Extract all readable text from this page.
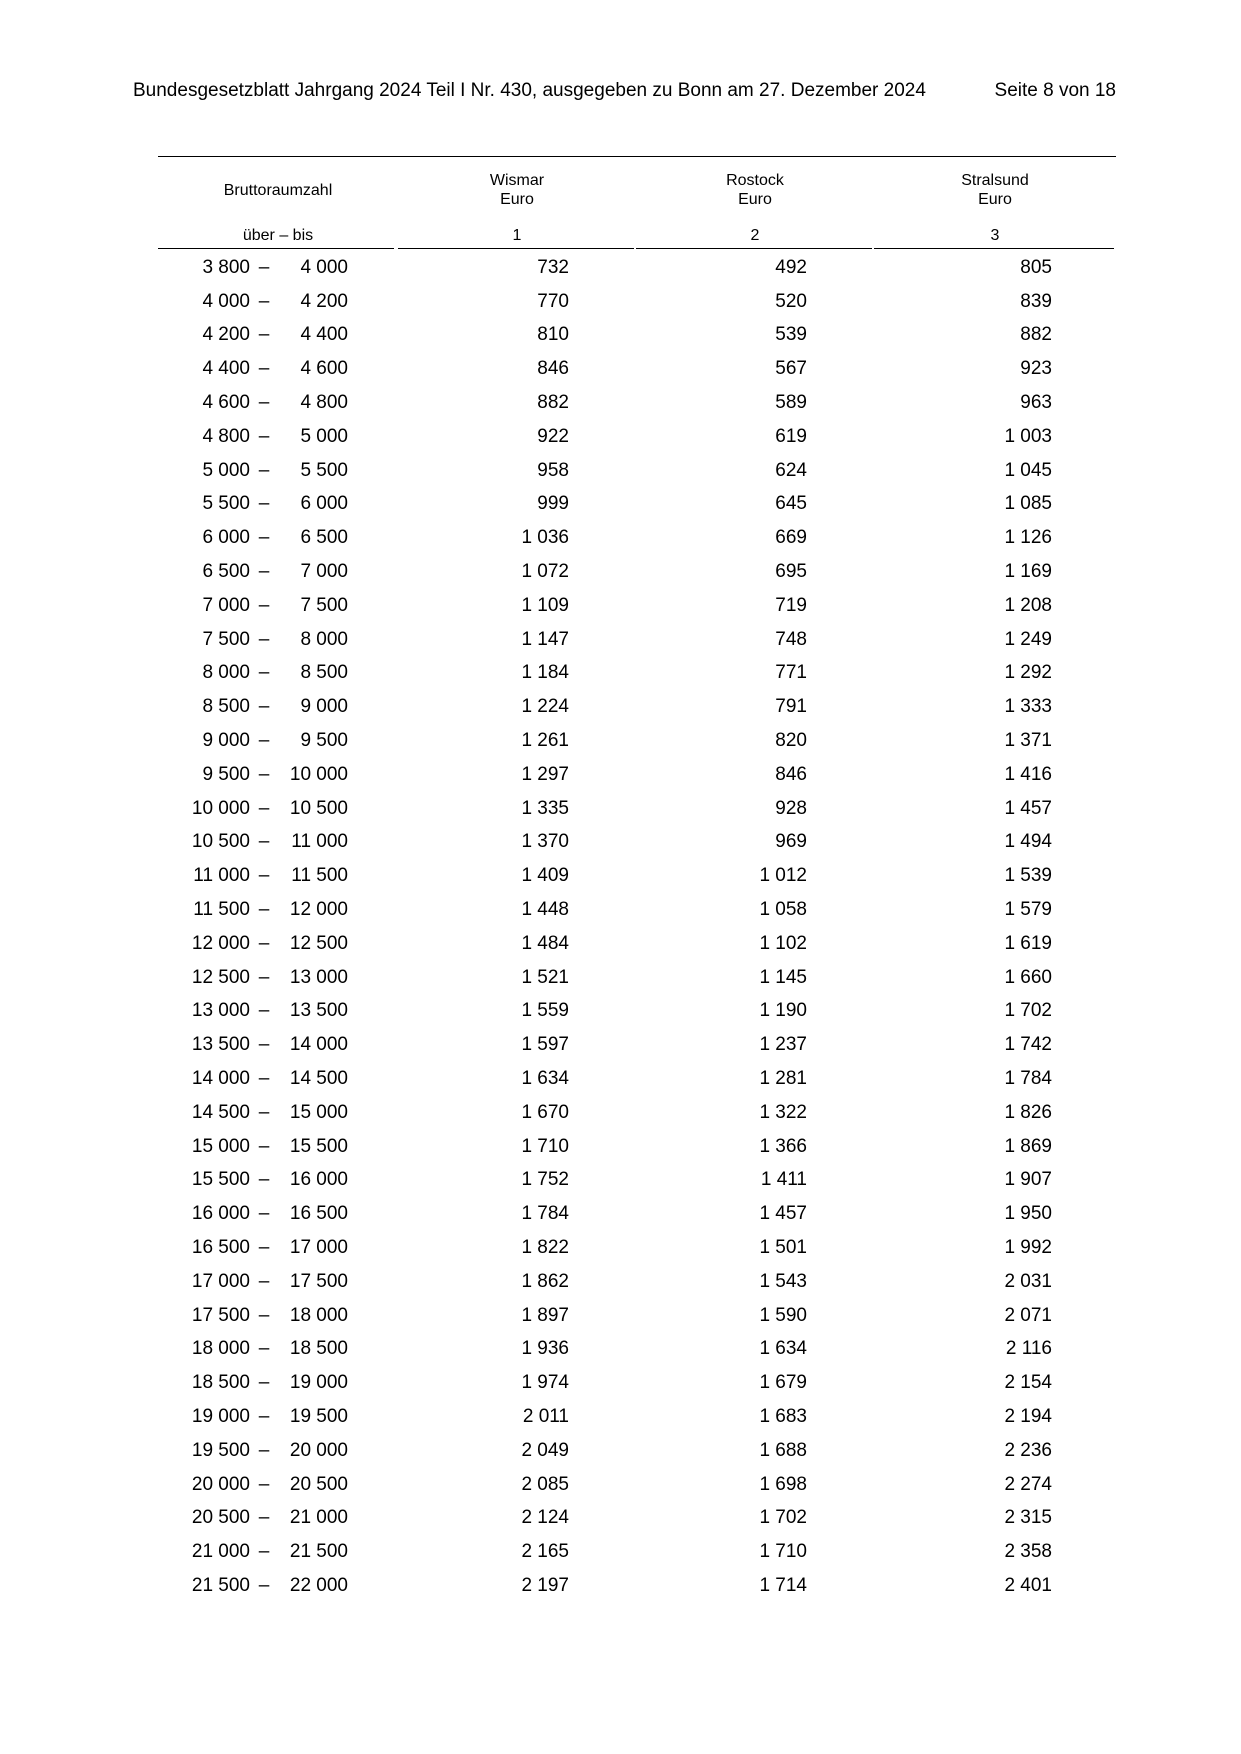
Bundesgesetzblatt Jahrgang 2024 Teil I Nr. 430, ausgegeben zu Bonn am 27. Dezember 2024	Seite 8 von 18
Bruttoraumzahl
Wismar
Euro
Rostock
Euro
Stralsund
Euro
über – bis	1	2	3
3 800 –	4 000	732	492	805
4 000 –	4 200	770	520	839
4 200 –	4 400	810	539	882
4 400 –	4 600	846	567	923
4 600 –	4 800	882	589	963
4 800 –	5 000	922	619	1 003
5 000 –	5 500	958	624	1 045
5 500 –	6 000	999	645	1 085
6 000 –	6 500	1 036	669	1 126
6 500 –	7 000	1 072	695	1 169
7 000 –	7 500	1 109	719	1 208
7 500 –	8 000	1 147	748	1 249
8 000 –	8 500	1 184	771	1 292
8 500 –	9 000	1 224	791	1 333
9 000 –	9 500	1 261	820	1 371
9 500 –	10 000	1 297	846	1 416
10 000 –	10 500	1 335	928	1 457
10 500 –	11 000	1 370	969	1 494
11 000 –	11 500	1 409	1 012	1 539
11 500 –	12 000	1 448	1 058	1 579
12 000 –	12 500	1 484	1 102	1 619
12 500 –	13 000	1 521	1 145	1 660
13 000 –	13 500	1 559	1 190	1 702
13 500 –	14 000	1 597	1 237	1 742
14 000 –	14 500	1 634	1 281	1 784
14 500 –	15 000	1 670	1 322	1 826
15 000 –	15 500	1 710	1 366	1 869
15 500 –	16 000	1 752	1 411	1 907
16 000 –	16 500	1 784	1 457	1 950
16 500 –	17 000	1 822	1 501	1 992
17 000 –	17 500	1 862	1 543	2 031
17 500 –	18 000	1 897	1 590	2 071
18 000 –	18 500	1 936	1 634	2 116
18 500 –	19 000	1 974	1 679	2 154
19 000 –	19 500	2 011	1 683	2 194
19 500 –	20 000	2 049	1 688	2 236
20 000 –	20 500	2 085	1 698	2 274
20 500 –	21 000	2 124	1 702	2 315
21 000 –	21 500	2 165	1 710	2 358
21 500 –	22 000	2 197	1 714	2 401
